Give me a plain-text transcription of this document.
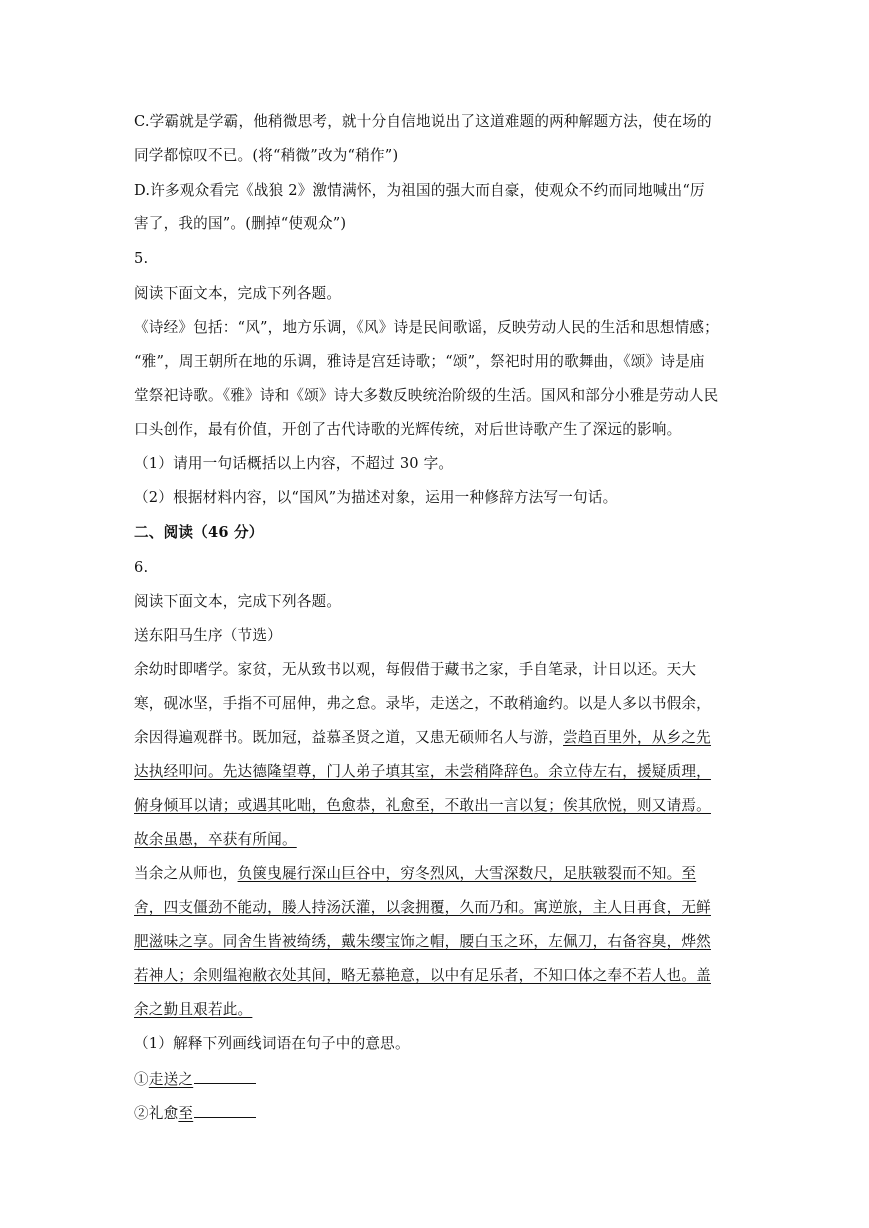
C.学霸就是学霸，他稍微思考，就十分自信地说出了这道难题的两种解题方法，使在场的
同学都惊叹不已。(将“稍微”改为“稍作”)
D.许多观众看完《战狼 2》激情满怀，为祖国的强大而自豪，使观众不约而同地喊出“厉
害了，我的国”。(删掉“使观众”)
5.
阅读下面文本，完成下列各题。
《诗经》包括：“风”，地方乐调，《风》诗是民间歌谣，反映劳动人民的生活和思想情感；
“雅”，周王朝所在地的乐调，雅诗是宫廷诗歌；“颂”，祭祀时用的歌舞曲，《颂》诗是庙
堂祭祀诗歌。《雅》诗和《颂》诗大多数反映统治阶级的生活。国风和部分小雅是劳动人民
口头创作，最有价值，开创了古代诗歌的光辉传统，对后世诗歌产生了深远的影响。
（1）请用一句话概括以上内容，不超过 30 字。
（2）根据材料内容，以“国风”为描述对象，运用一种修辞方法写一句话。
二、阅读（46 分）
6.
阅读下面文本，完成下列各题。
送东阳马生序（节选）
余幼时即嗜学。家贫，无从致书以观，每假借于藏书之家，手自笔录，计日以还。天大
寒，砚冰坚，手指不可屈伸，弗之怠。录毕，走送之，不敢稍逾约。以是人多以书假余，
余因得遍观群书。既加冠，益慕圣贤之道，又患无硕师名人与游，尝趋百里外，从乡之先
达执经叩问。先达德隆望尊，门人弟子填其室，未尝稍降辞色。余立侍左右，援疑质理，
俯身倾耳以请；或遇其叱咄，色愈恭，礼愈至，不敢出一言以复；俟其欣悦，则又请焉。
故余虽愚，卒获有所闻。
当余之从师也，负箧曳屣行深山巨谷中，穷冬烈风，大雪深数尺，足肤皲裂而不知。至
舍，四支僵劲不能动，媵人持汤沃灌，以衾拥覆，久而乃和。寓逆旅，主人日再食，无鲜
肥滋味之享。同舍生皆被绮绣，戴朱缨宝饰之帽，腰白玉之环，左佩刀，右备容臭，烨然
若神人；余则缊袍敝衣处其间，略无慕艳意，以中有足乐者，不知口体之奉不若人也。盖
余之勤且艰若此。
（1）解释下列画线词语在句子中的意思。
①走送之
②礼愈至
